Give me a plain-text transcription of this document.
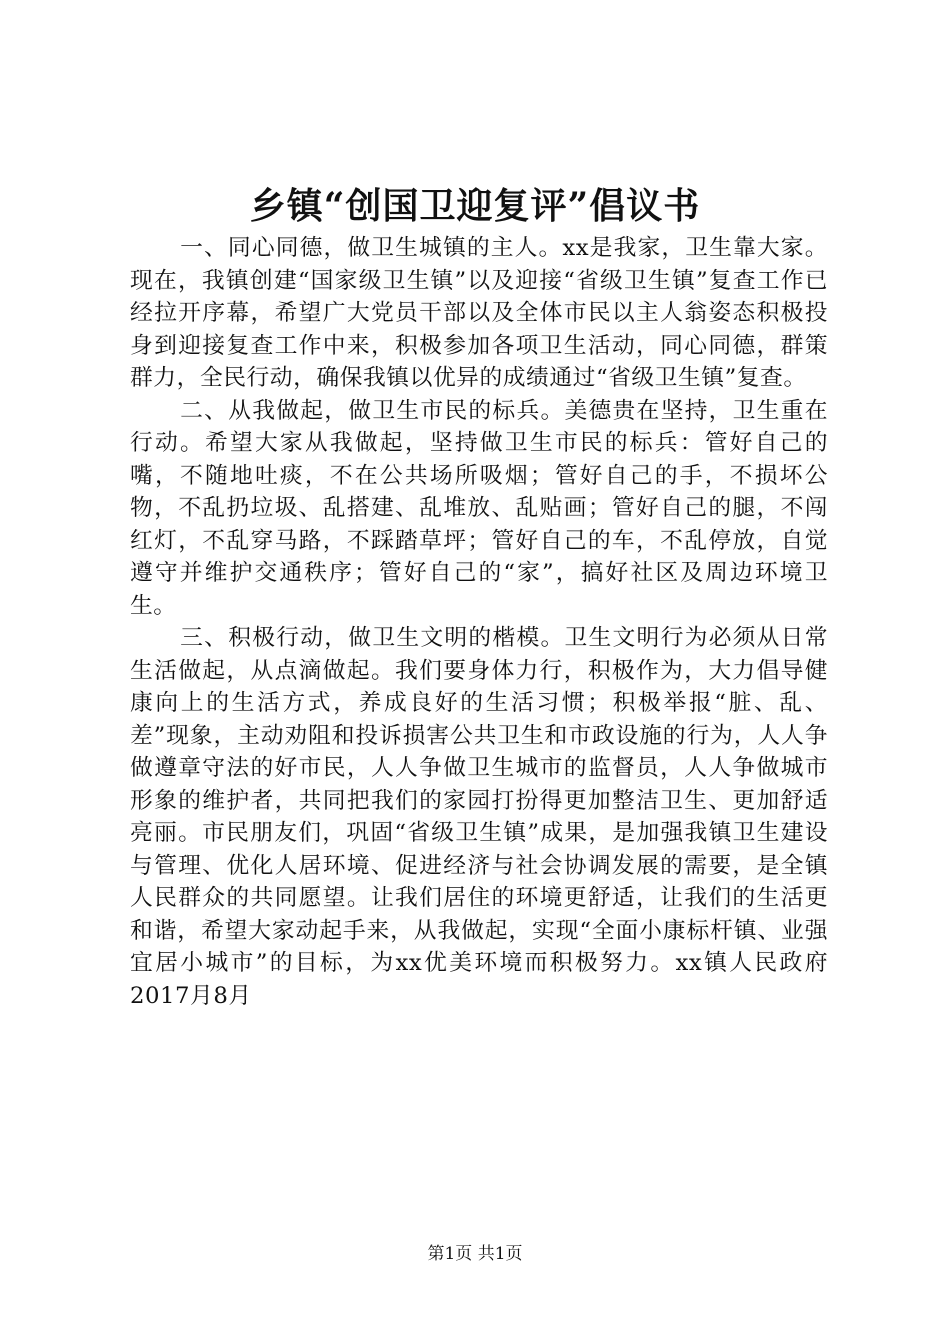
乡镇“创国卫迎复评”倡议书

一、同心同德，做卫生城镇的主人。xx是我家，卫生靠大家。现在，我镇创建“国家级卫生镇”以及迎接“省级卫生镇”复查工作已经拉开序幕，希望广大党员干部以及全体市民以主人翁姿态积极投身到迎接复查工作中来，积极参加各项卫生活动，同心同德，群策群力，全民行动，确保我镇以优异的成绩通过“省级卫生镇”复查。

二、从我做起，做卫生市民的标兵。美德贵在坚持，卫生重在行动。希望大家从我做起，坚持做卫生市民的标兵：管好自己的嘴，不随地吐痰，不在公共场所吸烟；管好自己的手，不损坏公物，不乱扔垃圾、乱搭建、乱堆放、乱贴画；管好自己的腿，不闯红灯，不乱穿马路，不踩踏草坪；管好自己的车，不乱停放，自觉遵守并维护交通秩序；管好自己的“家”，搞好社区及周边环境卫生。

三、积极行动，做卫生文明的楷模。卫生文明行为必须从日常生活做起，从点滴做起。我们要身体力行，积极作为，大力倡导健康向上的生活方式，养成良好的生活习惯；积极举报“脏、乱、差”现象，主动劝阻和投诉损害公共卫生和市政设施的行为，人人争做遵章守法的好市民，人人争做卫生城市的监督员，人人争做城市形象的维护者，共同把我们的家园打扮得更加整洁卫生、更加舒适亮丽。市民朋友们，巩固“省级卫生镇”成果，是加强我镇卫生建设与管理、优化人居环境、促进经济与社会协调发展的需要，是全镇人民群众的共同愿望。让我们居住的环境更舒适，让我们的生活更和谐，希望大家动起手来，从我做起，实现“全面小康标杆镇、业强宜居小城市”的目标，为xx优美环境而积极努力。xx镇人民政府2017月8月

第1页 共1页
